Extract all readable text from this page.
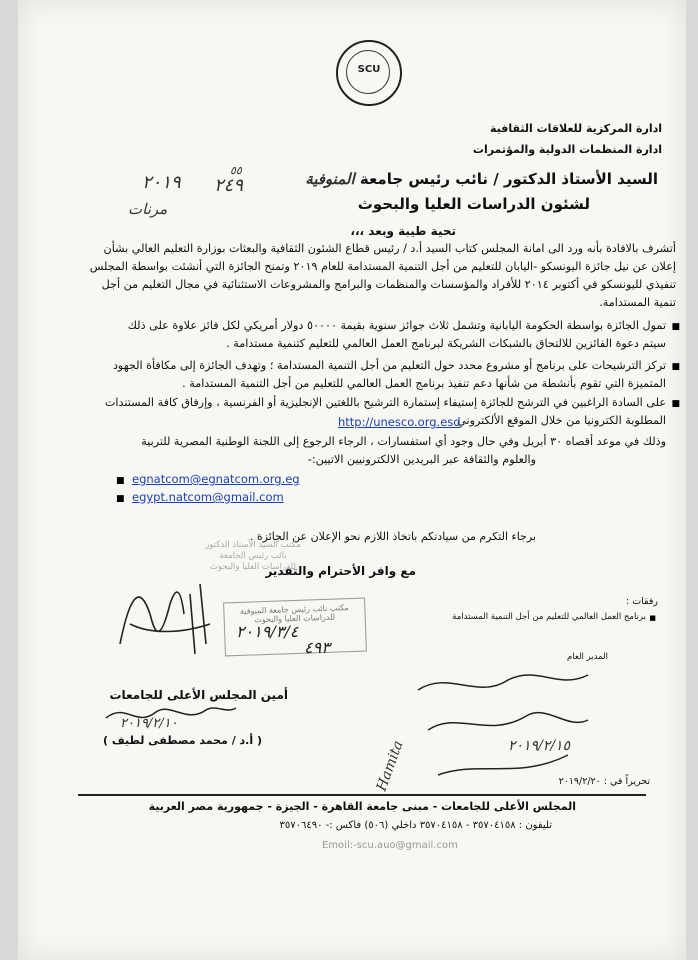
SCU
ادارة المركزية للعلاقات الثقافية
ادارة المنظمات الدولية والمؤتمرات
السيد الأستاذ الدكتور / نائب رئيس جامعة المنوفية
لشئون الدراسات العليا والبحوث
٢٠١٩ ٢٤٩
٥٥
مرنات
تحية طيبة وبعد ،،،
أتشرف بالافادة بأنه ورد الى امانة المجلس كتاب السيد أ.د / رئيس قطاع الشئون الثقافية والبعثات بوزارة التعليم العالي بشأن
إعلان عن نيل جائزة اليونسكو -اليابان للتعليم من أجل التنمية المستدامة للعام ٢٠١٩ وتمنح الجائزة التي أنشئت بواسطة المجلس
تنفيذي لليونسكو في أكتوبر ٢٠١٤ للأفراد والمؤسسات والمنظمات والبرامج والمشروعات الاستثنائية في مجال التعليم من أجل
تنمية المستدامة.
■
تمول الجائزة بواسطة الحكومة اليابانية وتشمل ثلاث جوائز سنوية بقيمة ٥٠٠٠٠ دولار أمريكي لكل فائز علاوة على ذلك
سيتم دعوة الفائزين للالتحاق بالشبكات الشريكة لبرنامج العمل العالمي للتعليم كتنمية مستدامة .
■
تركز الترشيحات على برنامج أو مشروع محدد حول التعليم من أجل التنمية المستدامة ؛ وتهدف الجائزة إلى مكافأة الجهود
المتميزة التي تقوم بأنشطة من شأنها دعم تنفيذ برنامج العمل العالمي للتعليم من أجل التنمية المستدامة .
■
على السادة الراغبين في الترشح للجائزة إستيفاء إستمارة الترشيح باللغتين الإنجليزية أو الفرنسية ، وإرفاق كافة المستندات
المطلوبة الكترونيا من خلال الموقع الألكتروني
http://unesco.org.esd
وذلك في موعد أقصاه ٣٠ أبريل وفي حال وجود أي استفسارات ، الرجاء الرجوع إلى اللجنة الوطنية المصرية للتربية
والعلوم والثقافة عبر البريدين الالكترونيين الاتيين:-
■ egnatcom@egnatcom.org.eg
■ egypt.natcom@gmail.com
برجاء التكرم من سيادتكم باتخاذ اللازم نحو الإعلان عن الجائزة .
مع وافر الأحترام والتقدير
مكتب السيد الأستاذ الدكتور
نائب رئيس الجامعة
للدراسات العليا والبحوث
رفقات :
■
برنامج العمل العالمي للتعليم من أجل التنمية المستدامة
مكتب نائب رئيس جامعة المنوفية
للدراسات العليا والبحوث
٢٠١٩/٣/٤
٤٩٣
أمين المجلس الأعلى للجامعات
٢٠١٩/٢/١٠
( أ.د / محمد مصطفى لطيف )
المدير العام
٢٠١٩/٢/١٥
Hamita	تحريراً في : ٢٠١٩/٢/٢٠
المجلس الأعلى للجامعات - مبنى جامعة القاهرة - الجيزة - جمهورية مصر العربية
تليفون : ٣٥٧٠٤١٥٨ - ٣٥٧٠٤١٥٨ داخلي (٥٠٦) فاكس :- ٣٥٧٠٦٤٩٠
Emoil:-scu.auo@gmail.com
